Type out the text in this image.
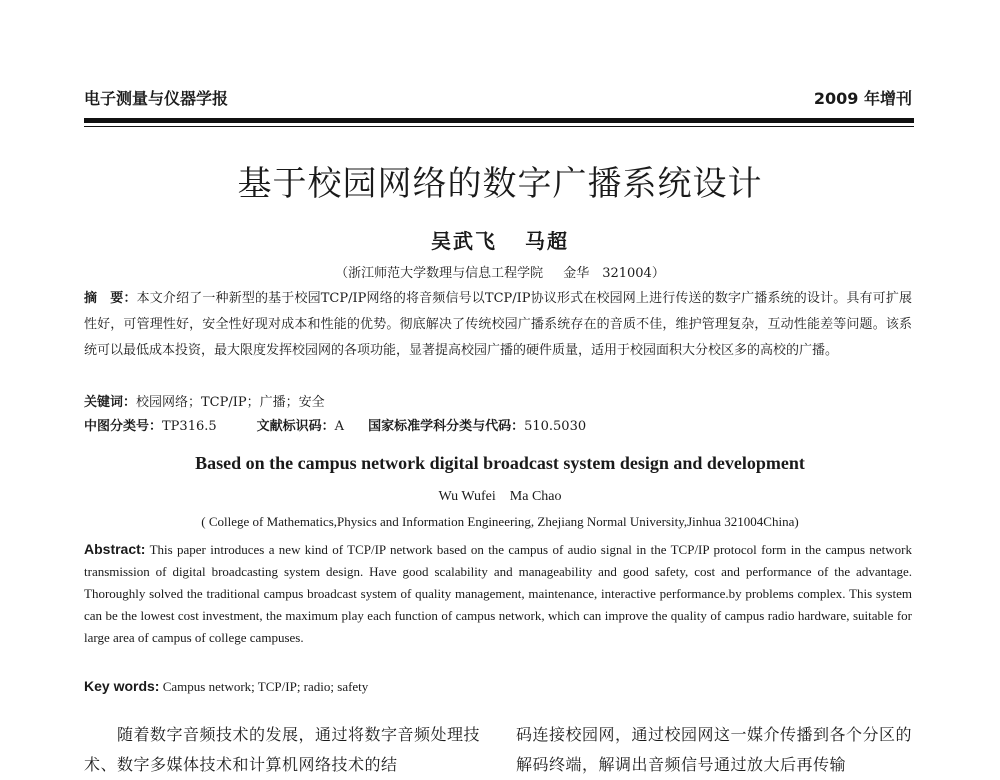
电子测量与仪器学报	2009 年增刊
基于校园网络的数字广播系统设计
吴武飞 马超
（浙江师范大学数理与信息工程学院 金华　321004）
摘　要：本文介绍了一种新型的基于校园TCP/IP网络的将音频信号以TCP/IP协议形式在校园网上进行传送的数字广播系统的设计。具有可扩展性好，可管理性好，安全性好现对成本和性能的优势。彻底解决了传统校园广播系统存在的音质不佳，维护管理复杂，互动性能差等问题。该系统可以最低成本投资，最大限度发挥校园网的各项功能，显著提高校园广播的硬件质量，适用于校园面积大分校区多的高校的广播。
关键词：校园网络；TCP/IP；广播；安全
中图分类号：TP316.5	文献标识码：A 国家标准学科分类与代码：510.5030
Based on the campus network digital broadcast system design and development
Wu Wufei Ma Chao
( College of Mathematics,Physics and Information Engineering, Zhejiang Normal University,Jinhua 321004China)
Abstract: This paper introduces a new kind of TCP/IP network based on the campus of audio signal in the TCP/IP protocol form in the campus network transmission of digital broadcasting system design. Have good scalability and manageability and good safety, cost and performance of the advantage. Thoroughly solved the traditional campus broadcast system of quality management, maintenance, interactive performance.by problems complex. This system can be the lowest cost investment, the maximum play each function of campus network, which can improve the quality of campus radio hardware, suitable for large area of campus of college campuses.
Key words: Campus network; TCP/IP; radio; safety
　　随着数字音频技术的发展，通过将数字音频处理技术、数字多媒体技术和计算机网络技术的结
码连接校园网，通过校园网这一媒介传播到各个分区的解码终端，解调出音频信号通过放大后再传输
